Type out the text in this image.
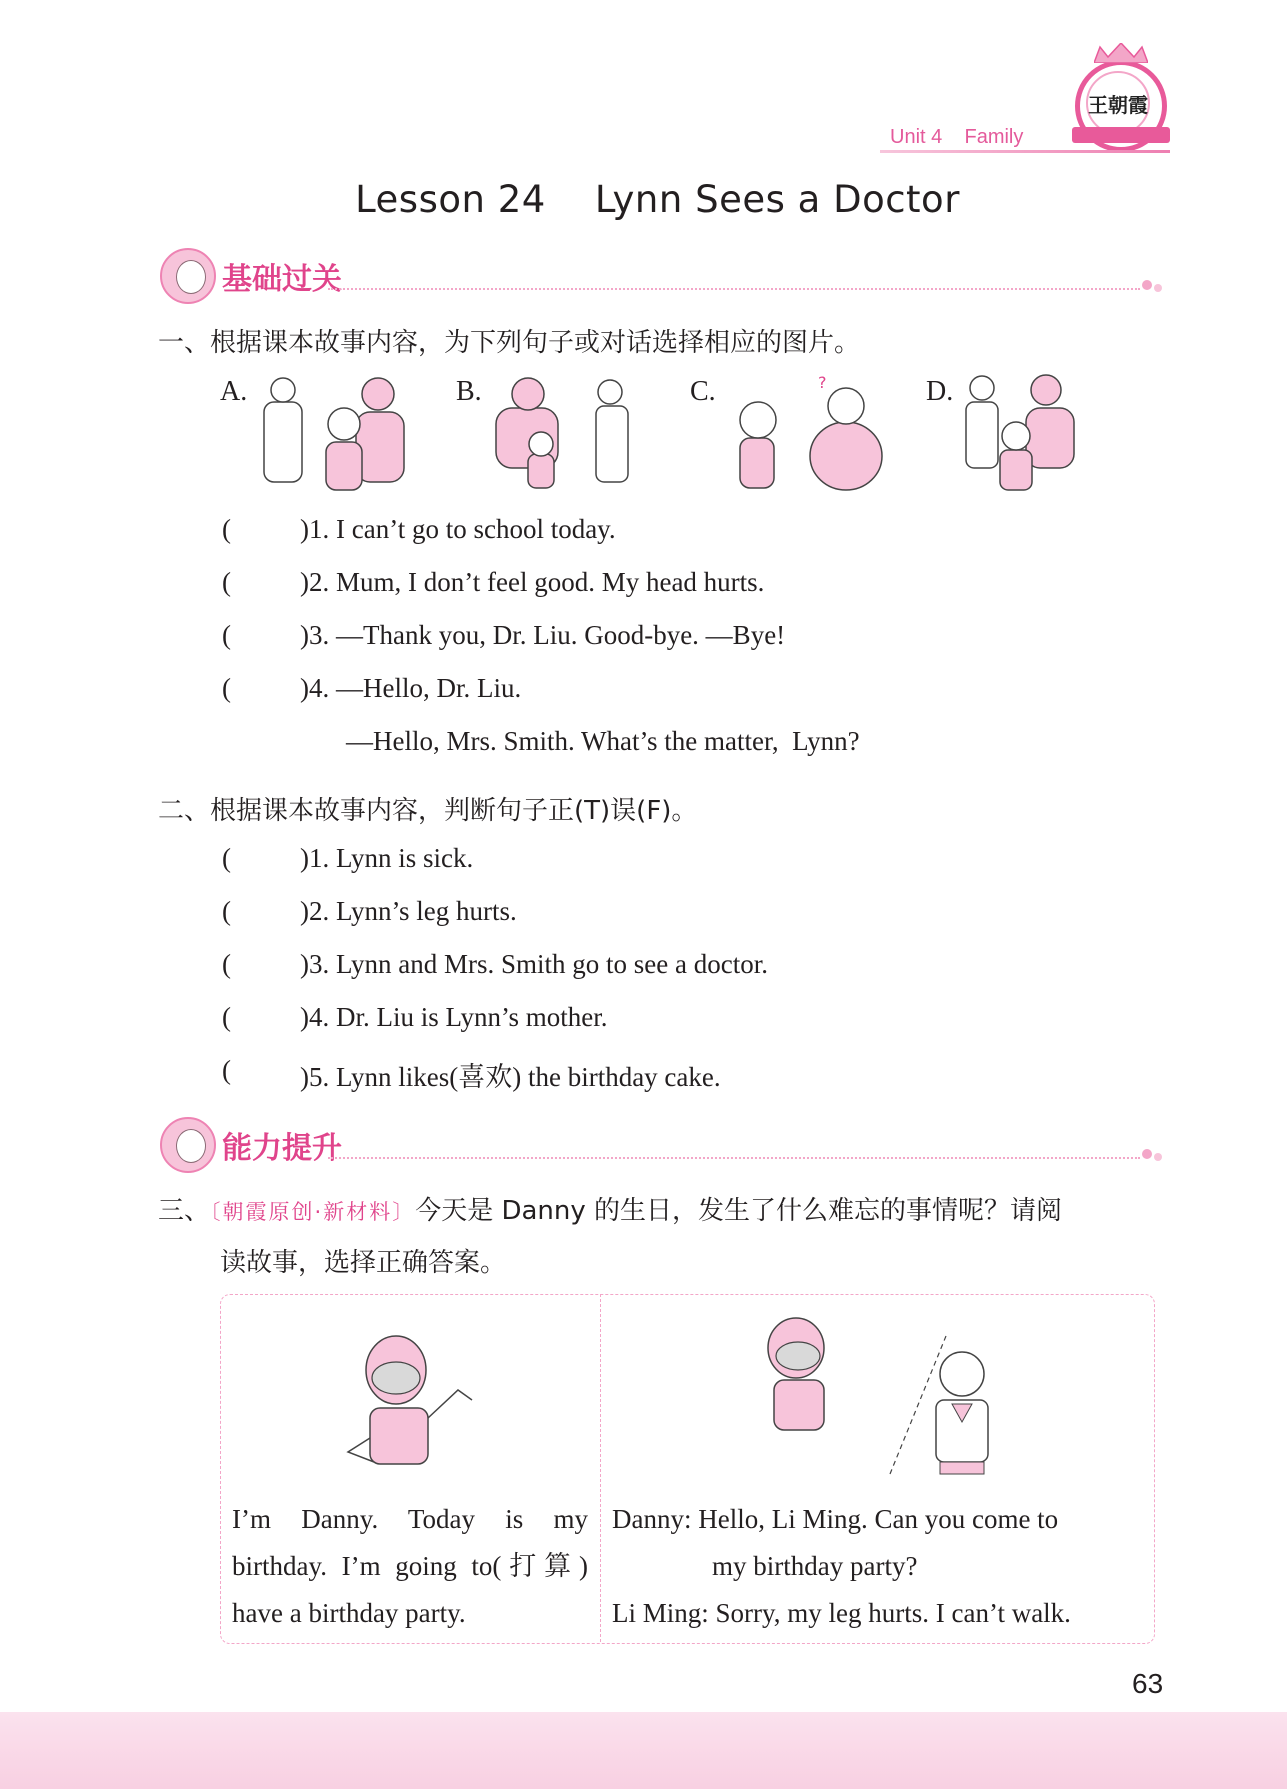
王朝霞
Unit 4    Family
Lesson 24    Lynn Sees a Doctor
基础过关
一、根据课本故事内容，为下列句子或对话选择相应的图片。
A.	B.	C.	D.
?
(	)1. I can’t go to school today.
(	)2. Mum, I don’t feel good. My head hurts.
(	)3. —Thank you, Dr. Liu. Good-bye. —Bye!
(	)4. —Hello, Dr. Liu.
—Hello, Mrs. Smith. What’s the matter,  Lynn?
二、根据课本故事内容，判断句子正(T)误(F)。
(	)1. Lynn is sick.
(	)2. Lynn’s leg hurts.
(	)3. Lynn and Mrs. Smith go to see a doctor.
(	)4. Dr. Liu is Lynn’s mother.
(	)5. Lynn likes(喜欢) the birthday cake.
能力提升
三、〔朝霞原创·新材料〕今天是 Danny 的生日，发生了什么难忘的事情呢？请阅
读故事，选择正确答案。
I’m Danny. Today is my birthday. I’m going to(打算) have a birthday party.
Danny: Hello, Li Ming. Can you come to
my birthday party?
Li Ming: Sorry, my leg hurts. I can’t walk.
63
